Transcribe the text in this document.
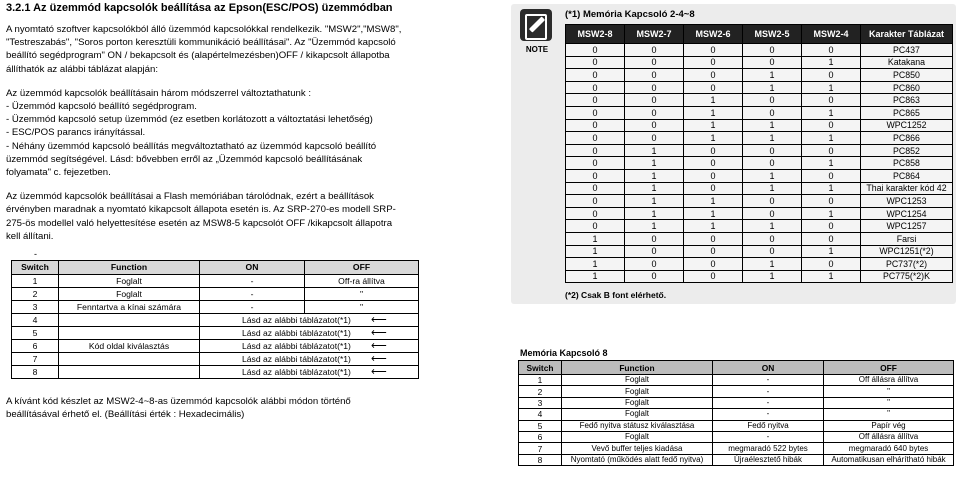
3.2.1 Az üzemmód kapcsolók beállítása az Epson(ESC/POS) üzemmódban
A nyomtató szoftver kapcsolókból álló üzemmód kapcsolókkal rendelkezik. "MSW2","MSW8",
"Testreszabás", "Soros porton keresztüli kommunikáció beállításai". Az "Üzemmód kapcsoló
beállító segédprogram" ON / bekapcsolt és (alapértelmezésben)OFF / kikapcsolt állapotba
állíthatók az alábbi táblázat alapján:
Az üzemmód kapcsolók beállításain három módszerrel változtathatunk :
- Üzemmód kapcsoló beállító segédprogram.
- Üzemmód kapcsoló setup üzemmód (ez esetben korlátozott a változtatási lehetőség)
- ESC/POS parancs irányítással.
- Néhány üzemmód kapcsoló beállítás megváltoztatható az üzemmód kapcsoló beállító
üzemmód segítségével. Lásd: bővebben erről az „Üzemmód kapcsoló beállításának
folyamata" c. fejezetben.
Az üzemmód kapcsolók beállításai a Flash memóriában tárolódnak, ezért a beállítások
érvényben maradnak a nyomtató kikapcsolt állapota esetén is. Az SRP-270-es modell SRP-
275-ös modellel való helyettesítése esetén az MSW8-5 kapcsolót OFF /kikapcsolt állapotra
kell állítani.
-
Switch	Function	ON	OFF
1	Foglalt	-	Off-ra állítva
2	Foglalt	-	"
3	Fenntartva a kínai számára	-	"
4		Lásd az alábbi táblázatot(*1) ⟵	
5		Lásd az alábbi táblázatot(*1) ⟵	
6	Kód oldal kiválasztás	Lásd az alábbi táblázatot(*1) ⟵	
7		Lásd az alábbi táblázatot(*1) ⟵	
8		Lásd az alábbi táblázatot(*1) ⟵	
A kívánt kód készlet az MSW2-4~8-as üzemmód kapcsolók alábbi módon történő
beállításával érhető el. (Beállítási érték : Hexadecimális)
NOTE
(*1) Memória Kapcsoló 2-4~8
MSW2-8	MSW2-7	MSW2-6	MSW2-5	MSW2-4	Karakter Táblázat
0	0	0	0	0	PC437
0	0	0	0	1	Katakana
0	0	0	1	0	PC850
0	0	0	1	1	PC860
0	0	1	0	0	PC863
0	0	1	0	1	PC865
0	0	1	1	0	WPC1252
0	0	1	1	1	PC866
0	1	0	0	0	PC852
0	1	0	0	1	PC858
0	1	0	1	0	PC864
0	1	0	1	1	Thai karakter kód 42
0	1	1	0	0	WPC1253
0	1	1	0	1	WPC1254
0	1	1	1	0	WPC1257
1	0	0	0	0	Farsi
1	0	0	0	1	WPC1251(*2)
1	0	0	1	0	PC737(*2)
1	0	0	1	1	PC775(*2)K
(*2) Csak B font elérhető.
Memória Kapcsoló 8
Switch	Function	ON	OFF
1	Foglalt	-	Off állásra állítva
2	Foglalt	-	"
3	Foglalt	-	"
4	Foglalt	-	"
5	Fedő nyitva státusz kiválasztása	Fedő nyitva	Papír vég
6	Foglalt	-	Off állásra állítva
7	Vevő buffer teljes kiadása	megmaradó 522 bytes	megmaradó 640 bytes
8	Nyomtató (működés alatt fedő nyitva)	Újraélesztető hibák	Automatikusan elhárítható hibák
